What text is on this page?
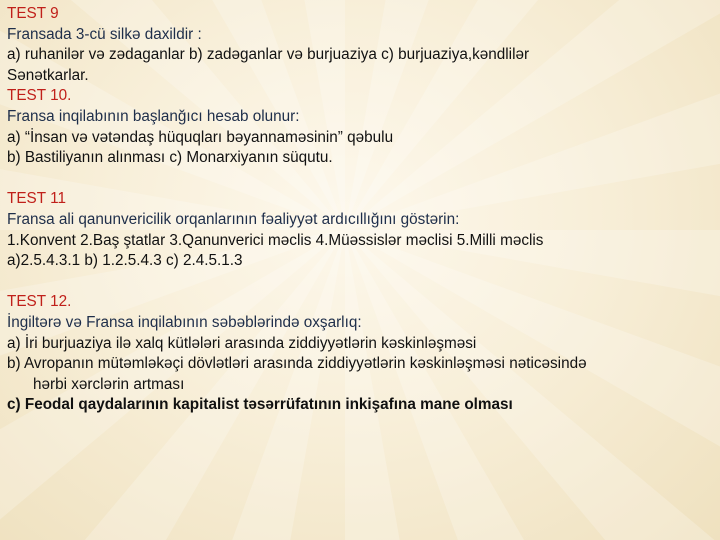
TEST 9
Fransada 3-cü silkə daxildir :
a) ruhanilər və zədaganlar b) zadəganlar və burjuaziya c) burjuaziya,kəndlilər
Sənətkarlar.
TEST 10.
Fransa inqilabının başlanğıcı hesab olunur:
a) “İnsan və vətəndaş hüquqları bəyannaməsinin” qəbulu
b) Bastiliyanın alınması c) Monarxiyanın süqutu.
TEST 11
Fransa ali qanunvericilik orqanlarının fəaliyyət ardıcıllığını göstərin:
1.Konvent 2.Baş ştatlar 3.Qanunverici məclis 4.Müəssislər məclisi 5.Milli məclis
a)2.5.4.3.1 b) 1.2.5.4.3 c) 2.4.5.1.3
TEST 12.
İngiltərə və Fransa inqilabının səbəblərində oxşarlıq:
a) İri burjuaziya ilə xalq kütlələri arasında ziddiyyətlərin kəskinləşməsi
b) Avropanın mütəmləkəçi dövlətləri arasında ziddiyyətlərin kəskinləşməsi nəticəsində
hərbi xərclərin artması
c) Feodal qaydalarının kapitalist təsərrüfatının inkişafına mane olması
